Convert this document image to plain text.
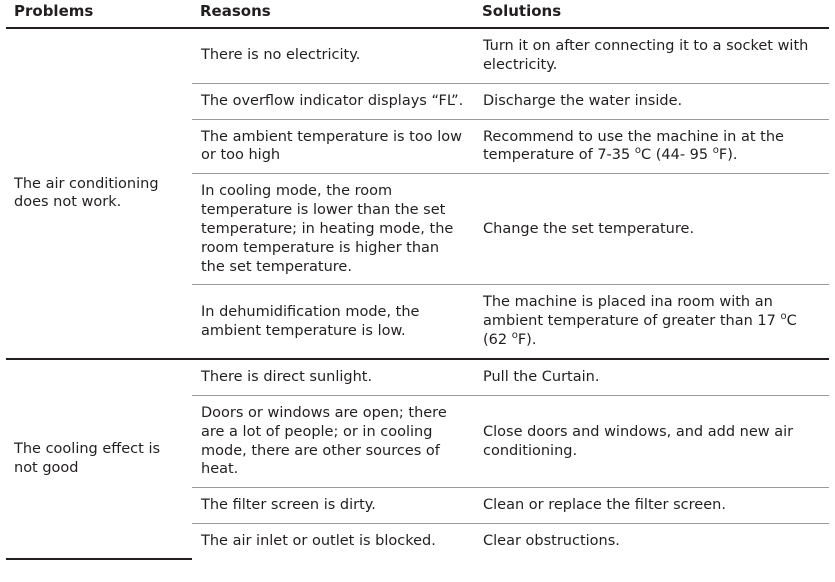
Problems	Reasons	Solutions
The air conditioning does not work.	There is no electricity.	Turn it on after connecting it to a socket with electricity.
	The overflow indicator displays “FL”.	Discharge the water inside.
	The ambient temperature is too low or too high	Recommend to use the machine in at the temperature of 7-35 $^o$C (44- 95 $^o$F).
	In cooling mode, the room temperature is lower than the set temperature; in heating mode, the room temperature is higher than the set temperature.	Change the set temperature.
	In dehumidification mode, the ambient temperature is low.	The machine is placed ina room with an ambient temperature of greater than 17 $^o$C (62 $^o$F).
The cooling effect is not good	There is direct sunlight.	Pull the Curtain.
	Doors or windows are open; there are a lot of people; or in cooling mode, there are other sources of heat.	Close doors and windows, and add new air conditioning.
	The filter screen is dirty.	Clean or replace the filter screen.
	The air inlet or outlet is blocked.	Clear obstructions.
